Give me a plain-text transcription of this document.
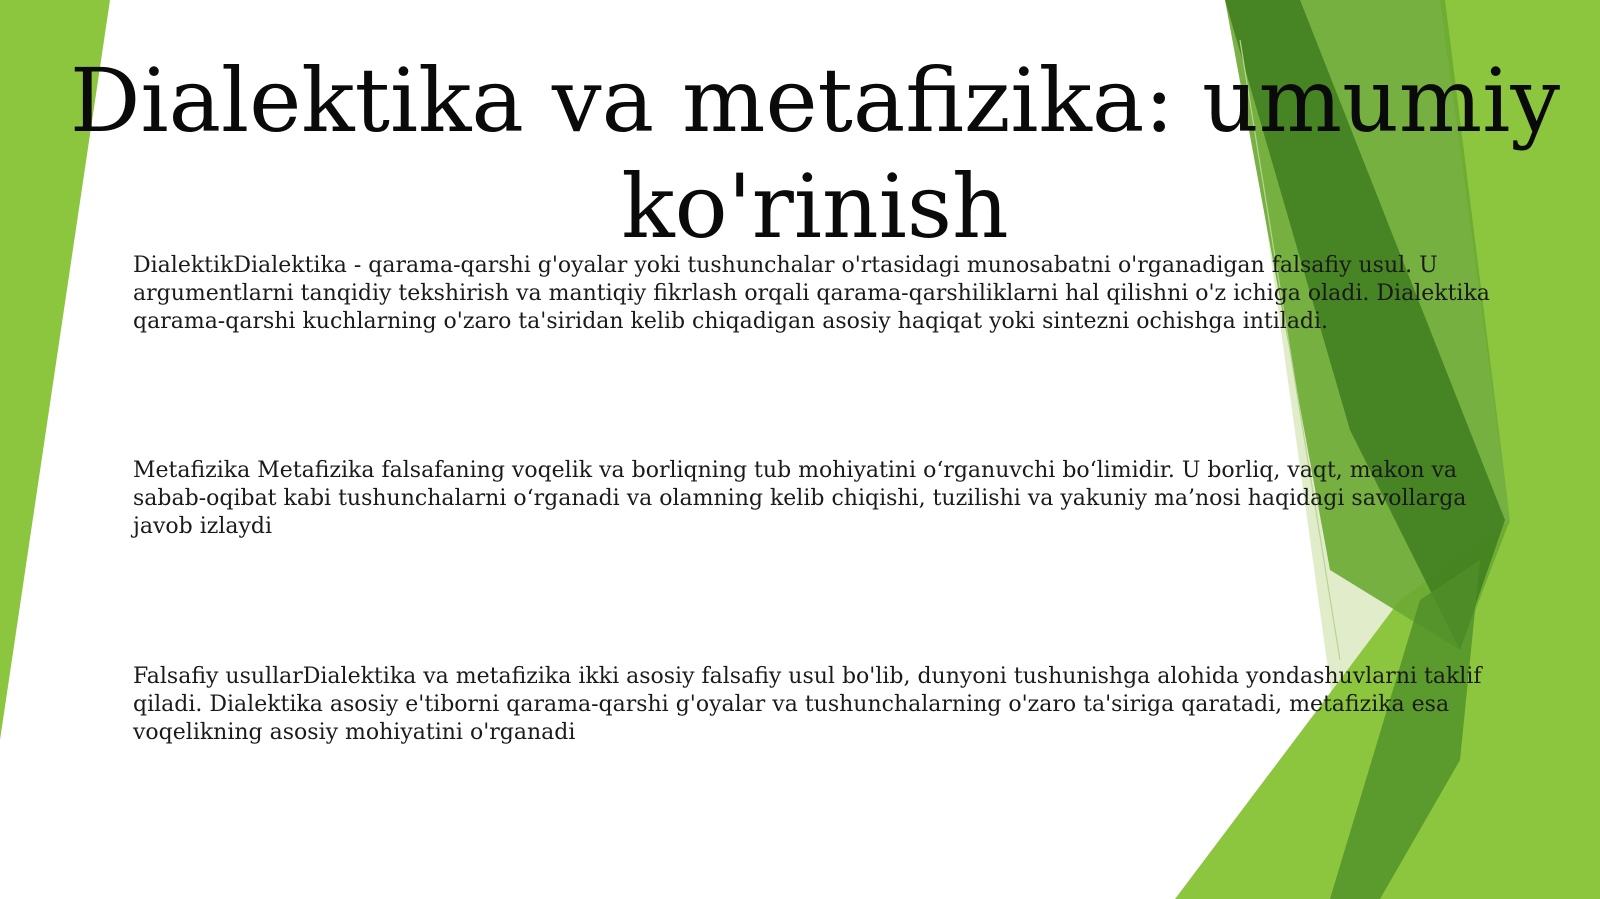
Dialektika va metafizika: umumiy ko'rinish

DialektikDialektika - qarama-qarshi g'oyalar yoki tushunchalar o'rtasidagi munosabatni o'rganadigan falsafiy usul. U argumentlarni tanqidiy tekshirish va mantiqiy fikrlash orqali qarama-qarshiliklarni hal qilishni o'z ichiga oladi. Dialektika qarama-qarshi kuchlarning o'zaro ta'siridan kelib chiqadigan asosiy haqiqat yoki sintezni ochishga intiladi.

Metafizika Metafizika falsafaning voqelik va borliqning tub mohiyatini o‘rganuvchi bo‘limidir. U borliq, vaqt, makon va sabab-oqibat kabi tushunchalarni o‘rganadi va olamning kelib chiqishi, tuzilishi va yakuniy ma’nosi haqidagi savollarga javob izlaydi

Falsafiy usullarDialektika va metafizika ikki asosiy falsafiy usul bo'lib, dunyoni tushunishga alohida yondashuvlarni taklif qiladi. Dialektika asosiy e'tiborni qarama-qarshi g'oyalar va tushunchalarning o'zaro ta'siriga qaratadi, metafizika esa voqelikning asosiy mohiyatini o'rganadi
